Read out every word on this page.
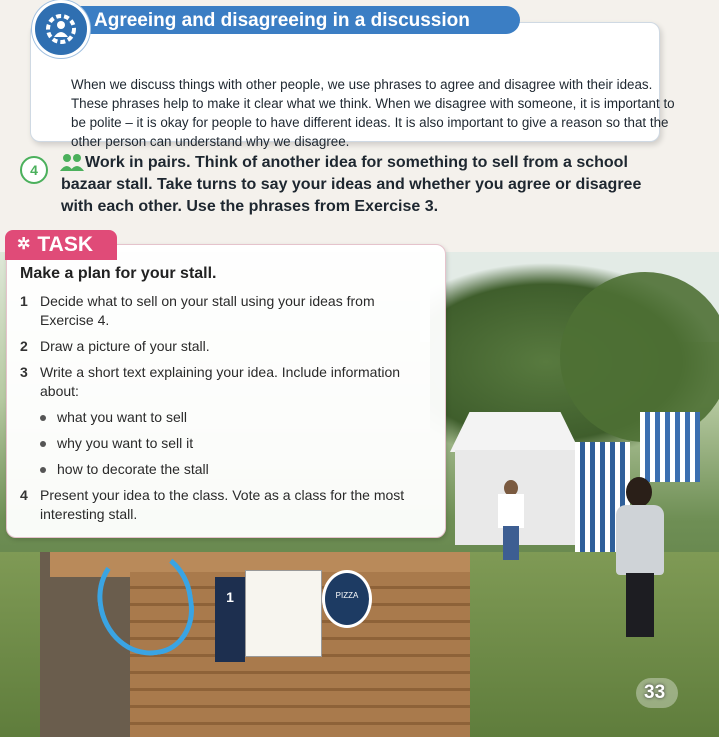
When we discuss things with other people, we use phrases to agree and disagree with their ideas. These phrases help to make it clear what we think. When we disagree with someone, it is important to be polite – it is okay for people to have different ideas. It is also important to give a reason so that the other person can understand why we disagree.
Agreeing and disagreeing in a discussion
4	Work in pairs. Think of another idea for something to sell from a school bazaar stall. Take turns to say your ideas and whether you agree or disagree with each other. Use the phrases from Exercise 3.
1	PIZZA
✲ TASK
Make a plan for your stall.
1 Decide what to sell on your stall using your ideas from Exercise 4.
2 Draw a picture of your stall.
3 Write a short text explaining your idea. Include information about:
what you want to sell
why you want to sell it
how to decorate the stall
4 Present your idea to the class. Vote as a class for the most interesting stall.
33
